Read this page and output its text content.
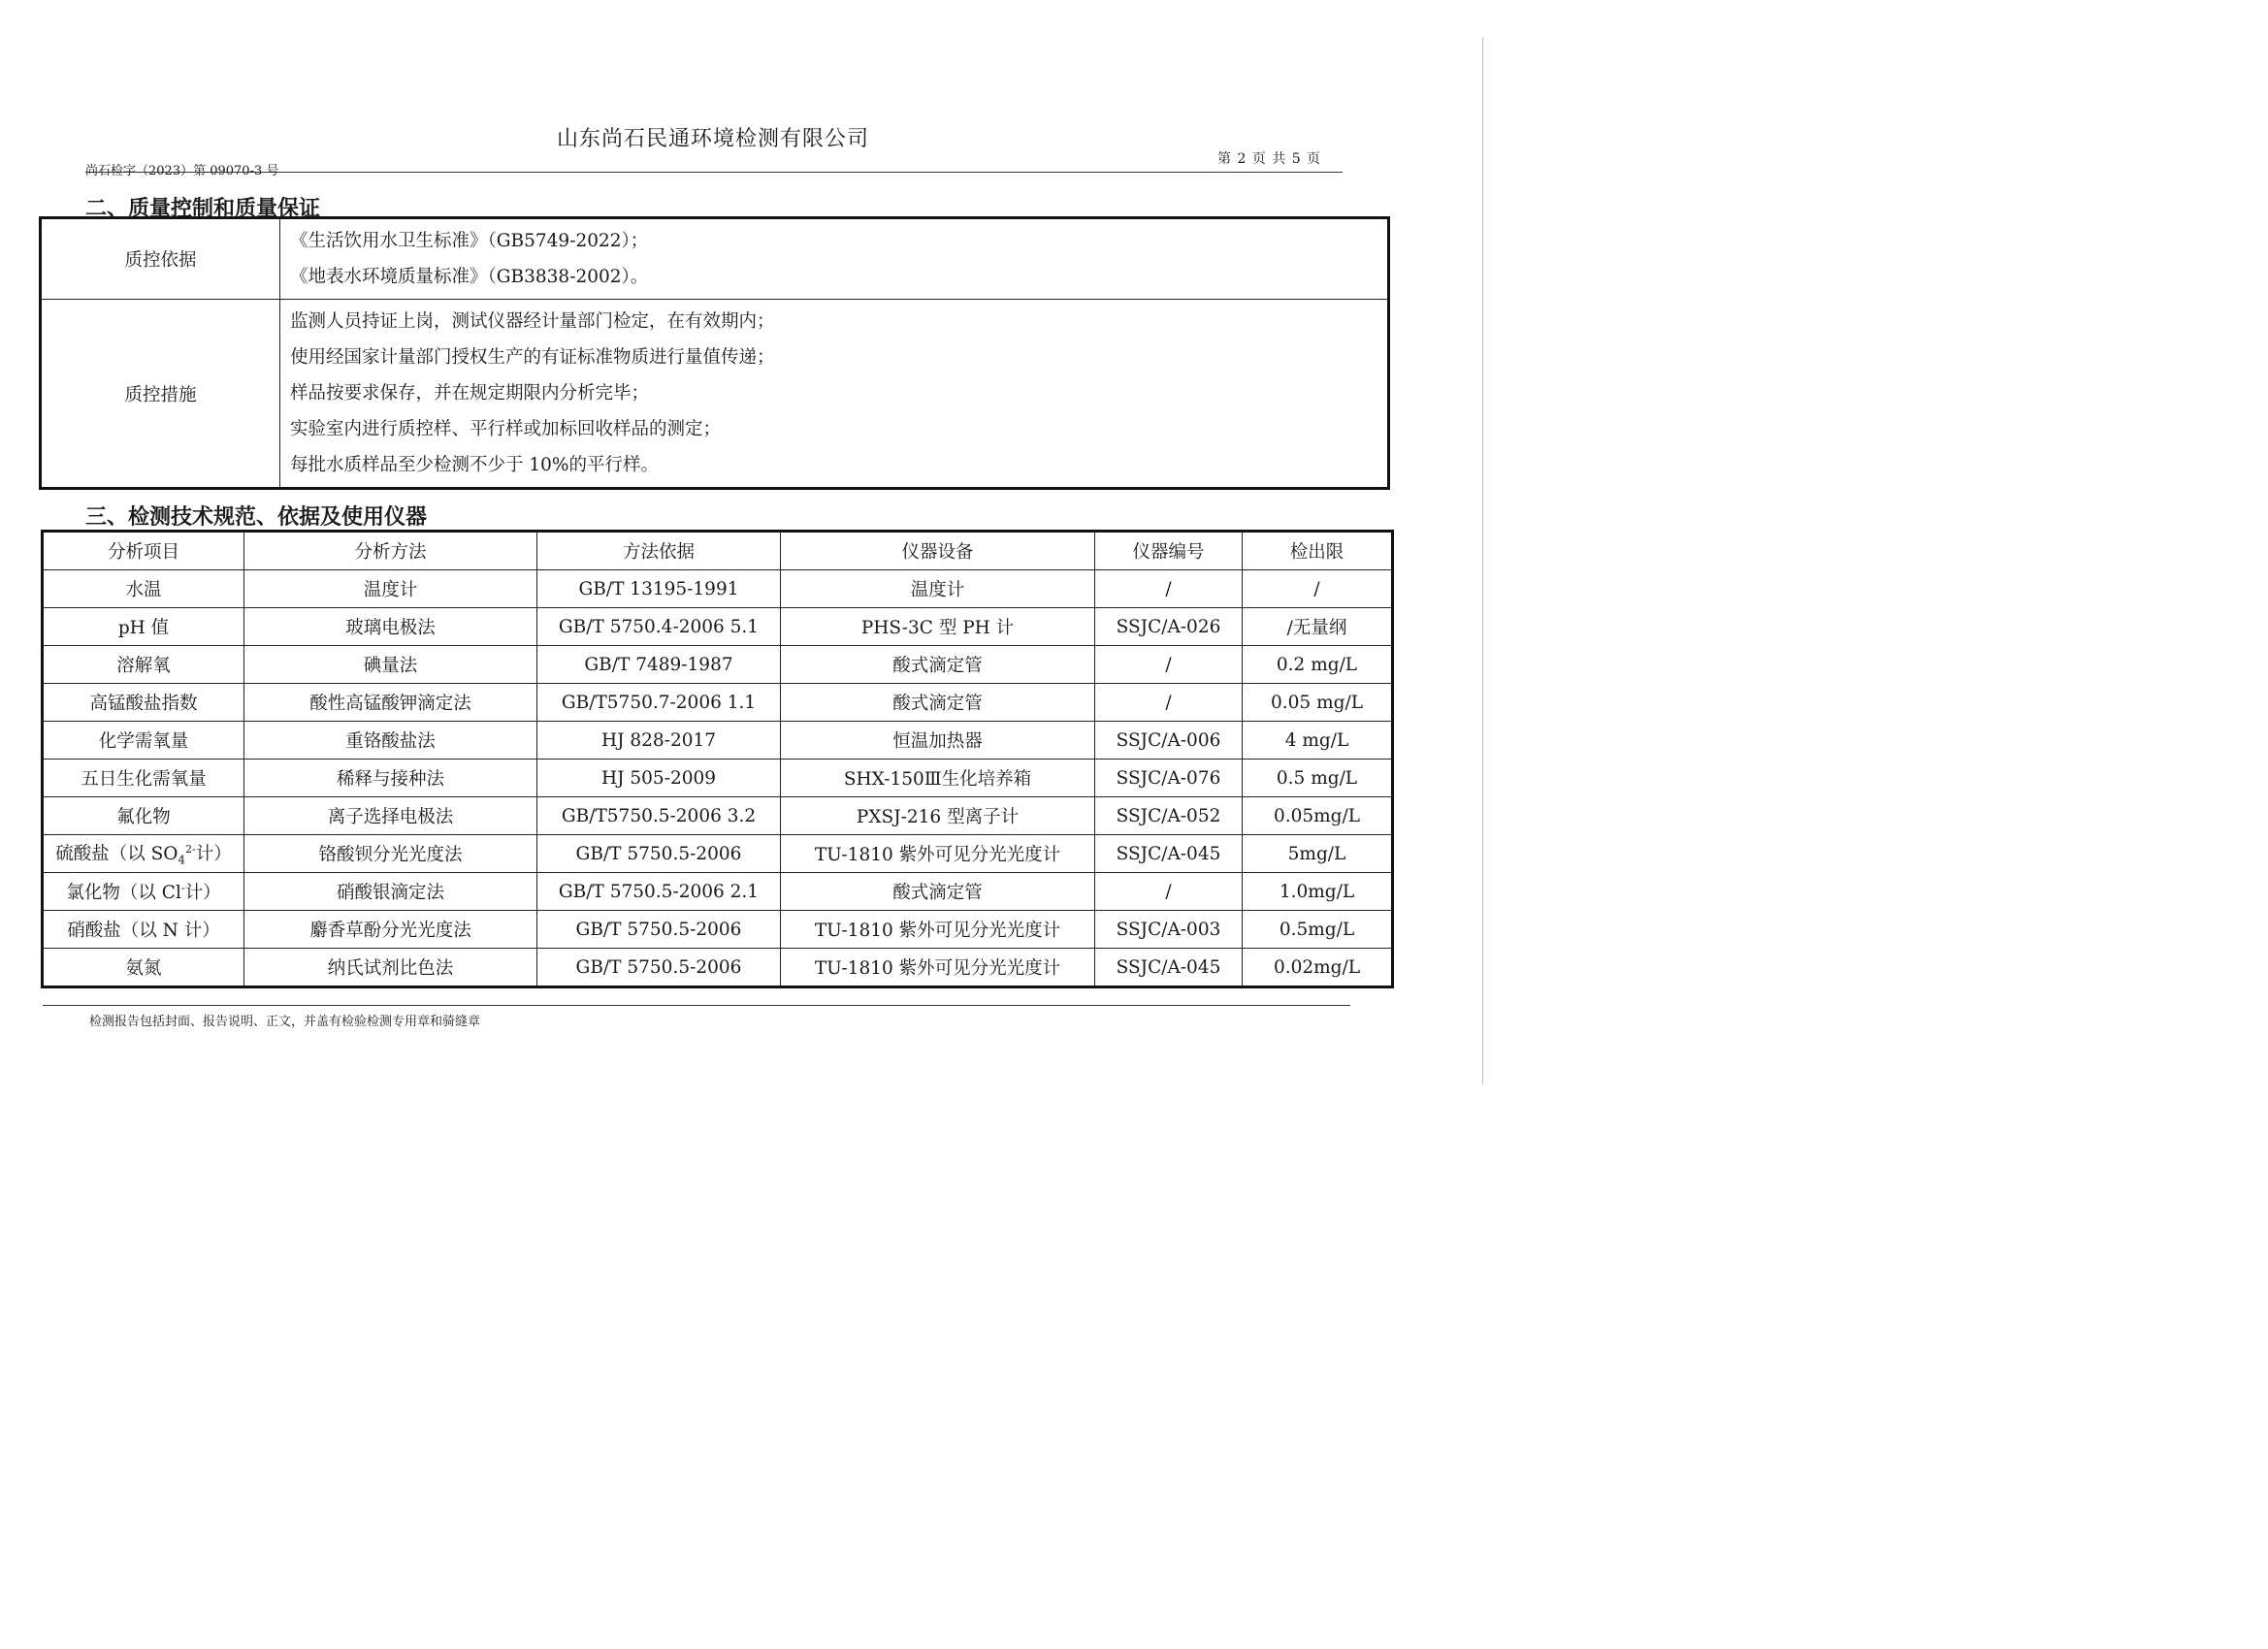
山东尚石民通环境检测有限公司
尚石检字（2023）第 09070-3 号
第 2 页 共 5 页
二、质量控制和质量保证
质控依据	《生活饮用水卫生标准》（GB5749-2022）；
《地表水环境质量标准》（GB3838-2002）。

质控措施	监测人员持证上岗，测试仪器经计量部门检定，在有效期内；
使用经国家计量部门授权生产的有证标准物质进行量值传递；
样品按要求保存，并在规定期限内分析完毕；
实验室内进行质控样、平行样或加标回收样品的测定；
每批水质样品至少检测不少于 10%的平行样。
三、检测技术规范、依据及使用仪器
分析项目	分析方法	方法依据	仪器设备	仪器编号	检出限
水温	温度计	GB/T 13195-1991	温度计	/	/
pH 值	玻璃电极法	GB/T 5750.4-2006 5.1	PHS-3C 型 PH 计	SSJC/A-026	/无量纲
溶解氧	碘量法	GB/T 7489-1987	酸式滴定管	/	0.2 mg/L
高锰酸盐指数	酸性高锰酸钾滴定法	GB/T5750.7-2006 1.1	酸式滴定管	/	0.05 mg/L
化学需氧量	重铬酸盐法	HJ 828-2017	恒温加热器	SSJC/A-006	4 mg/L
五日生化需氧量	稀释与接种法	HJ 505-2009	SHX-150Ⅲ生化培养箱	SSJC/A-076	0.5 mg/L
氟化物	离子选择电极法	GB/T5750.5-2006 3.2	PXSJ-216 型离子计	SSJC/A-052	0.05mg/L
硫酸盐（以 $SO_4^{2-}$计）	铬酸钡分光光度法	GB/T 5750.5-2006	TU-1810 紫外可见分光光度计	SSJC/A-045	5mg/L
氯化物（以 Cl-计）	硝酸银滴定法	GB/T 5750.5-2006 2.1	酸式滴定管	/	1.0mg/L
硝酸盐（以 N 计）	麝香草酚分光光度法	GB/T 5750.5-2006	TU-1810 紫外可见分光光度计	SSJC/A-003	0.5mg/L
氨氮	纳氏试剂比色法	GB/T 5750.5-2006	TU-1810 紫外可见分光光度计	SSJC/A-045	0.02mg/L
检测报告包括封面、报告说明、正文，并盖有检验检测专用章和骑缝章
